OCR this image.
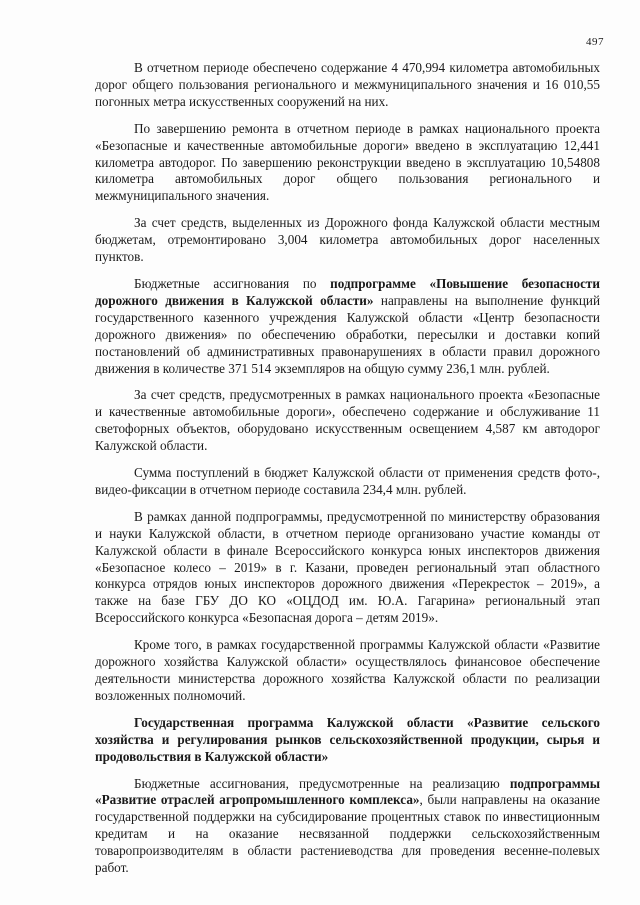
497

В отчетном периоде обеспечено содержание 4 470,994 километра автомобильных дорог общего пользования регионального и межмуниципального значения и 16 010,55 погонных метра искусственных сооружений на них.

По завершению ремонта в отчетном периоде в рамках национального проекта «Безопасные и качественные автомобильные дороги» введено в эксплуатацию 12,441 километра автодорог. По завершению реконструкции введено в эксплуатацию 10,54808 километра автомобильных дорог общего пользования регионального и межмуниципального значения.

За счет средств, выделенных из Дорожного фонда Калужской области местным бюджетам, отремонтировано 3,004 километра автомобильных дорог населенных пунктов.

Бюджетные ассигнования по подпрограмме «Повышение безопасности дорожного движения в Калужской области» направлены на выполнение функций государственного казенного учреждения Калужской области «Центр безопасности дорожного движения» по обеспечению обработки, пересылки и доставки копий постановлений об административных правонарушениях в области правил дорожного движения в количестве 371 514 экземпляров на общую сумму 236,1 млн. рублей.

За счет средств, предусмотренных в рамках национального проекта «Безопасные и качественные автомобильные дороги», обеспечено содержание и обслуживание 11 светофорных объектов, оборудовано искусственным освещением 4,587 км автодорог Калужской области.

Сумма поступлений в бюджет Калужской области от применения средств фото-, видео-фиксации в отчетном периоде составила 234,4 млн. рублей.

В рамках данной подпрограммы, предусмотренной по министерству образования и науки Калужской области, в отчетном периоде организовано участие команды от Калужской области в финале Всероссийского конкурса юных инспекторов движения «Безопасное колесо – 2019» в г. Казани, проведен региональный этап областного конкурса отрядов юных инспекторов дорожного движения «Перекресток – 2019», а также на базе ГБУ ДО КО «ОЦДОД им. Ю.А. Гагарина» региональный этап Всероссийского конкурса «Безопасная дорога – детям 2019».

Кроме того, в рамках государственной программы Калужской области «Развитие дорожного хозяйства Калужской области» осуществлялось финансовое обеспечение деятельности министерства дорожного хозяйства Калужской области по реализации возложенных полномочий.

Государственная программа Калужской области «Развитие сельского хозяйства и регулирования рынков сельскохозяйственной продукции, сырья и продовольствия в Калужской области»

Бюджетные ассигнования, предусмотренные на реализацию подпрограммы «Развитие отраслей агропромышленного комплекса», были направлены на оказание государственной поддержки на субсидирование процентных ставок по инвестиционным кредитам и на оказание несвязанной поддержки сельскохозяйственным товаропроизводителям в области растениеводства для проведения весенне-полевых работ.
